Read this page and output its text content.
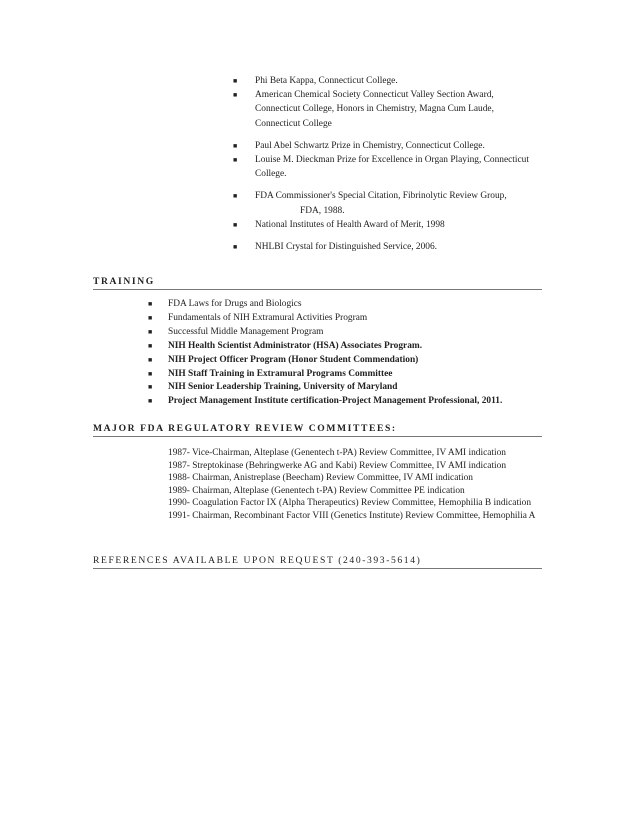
■ Phi Beta Kappa, Connecticut College.
■ American Chemical Society Connecticut Valley Section Award, Connecticut College, Honors in Chemistry, Magna Cum Laude, Connecticut College
■ Paul Abel Schwartz Prize in Chemistry, Connecticut College.
■ Louise M. Dieckman Prize for Excellence in Organ Playing, Connecticut College.
■ FDA Commissioner's Special Citation, Fibrinolytic Review Group,
FDA, 1988.
■ National Institutes of Health Award of Merit, 1998
■ NHLBI Crystal for Distinguished Service, 2006.
TRAINING
■ FDA Laws for Drugs and Biologics
■ Fundamentals of NIH Extramural Activities Program
■ Successful Middle Management Program
■ NIH Health Scientist Administrator (HSA) Associates Program.
■ NIH Project Officer Program (Honor Student Commendation)
■ NIH Staff Training in Extramural Programs Committee
■ NIH Senior Leadership Training, University of Maryland
■ Project Management Institute certification-Project Management Professional, 2011.
MAJOR FDA REGULATORY REVIEW COMMITTEES:
1987- Vice-Chairman, Alteplase (Genentech t-PA) Review Committee, IV AMI indication
1987- Streptokinase (Behringwerke AG and Kabi) Review Committee, IV AMI indication
1988- Chairman, Anistreplase (Beecham) Review Committee, IV AMI indication
1989- Chairman, Alteplase (Genentech t-PA) Review Committee PE indication
1990- Coagulation Factor IX (Alpha Therapeutics) Review Committee, Hemophilia B indication
1991- Chairman, Recombinant Factor VIII (Genetics Institute) Review Committee, Hemophilia A
REFERENCES AVAILABLE UPON REQUEST (240-393-5614)
